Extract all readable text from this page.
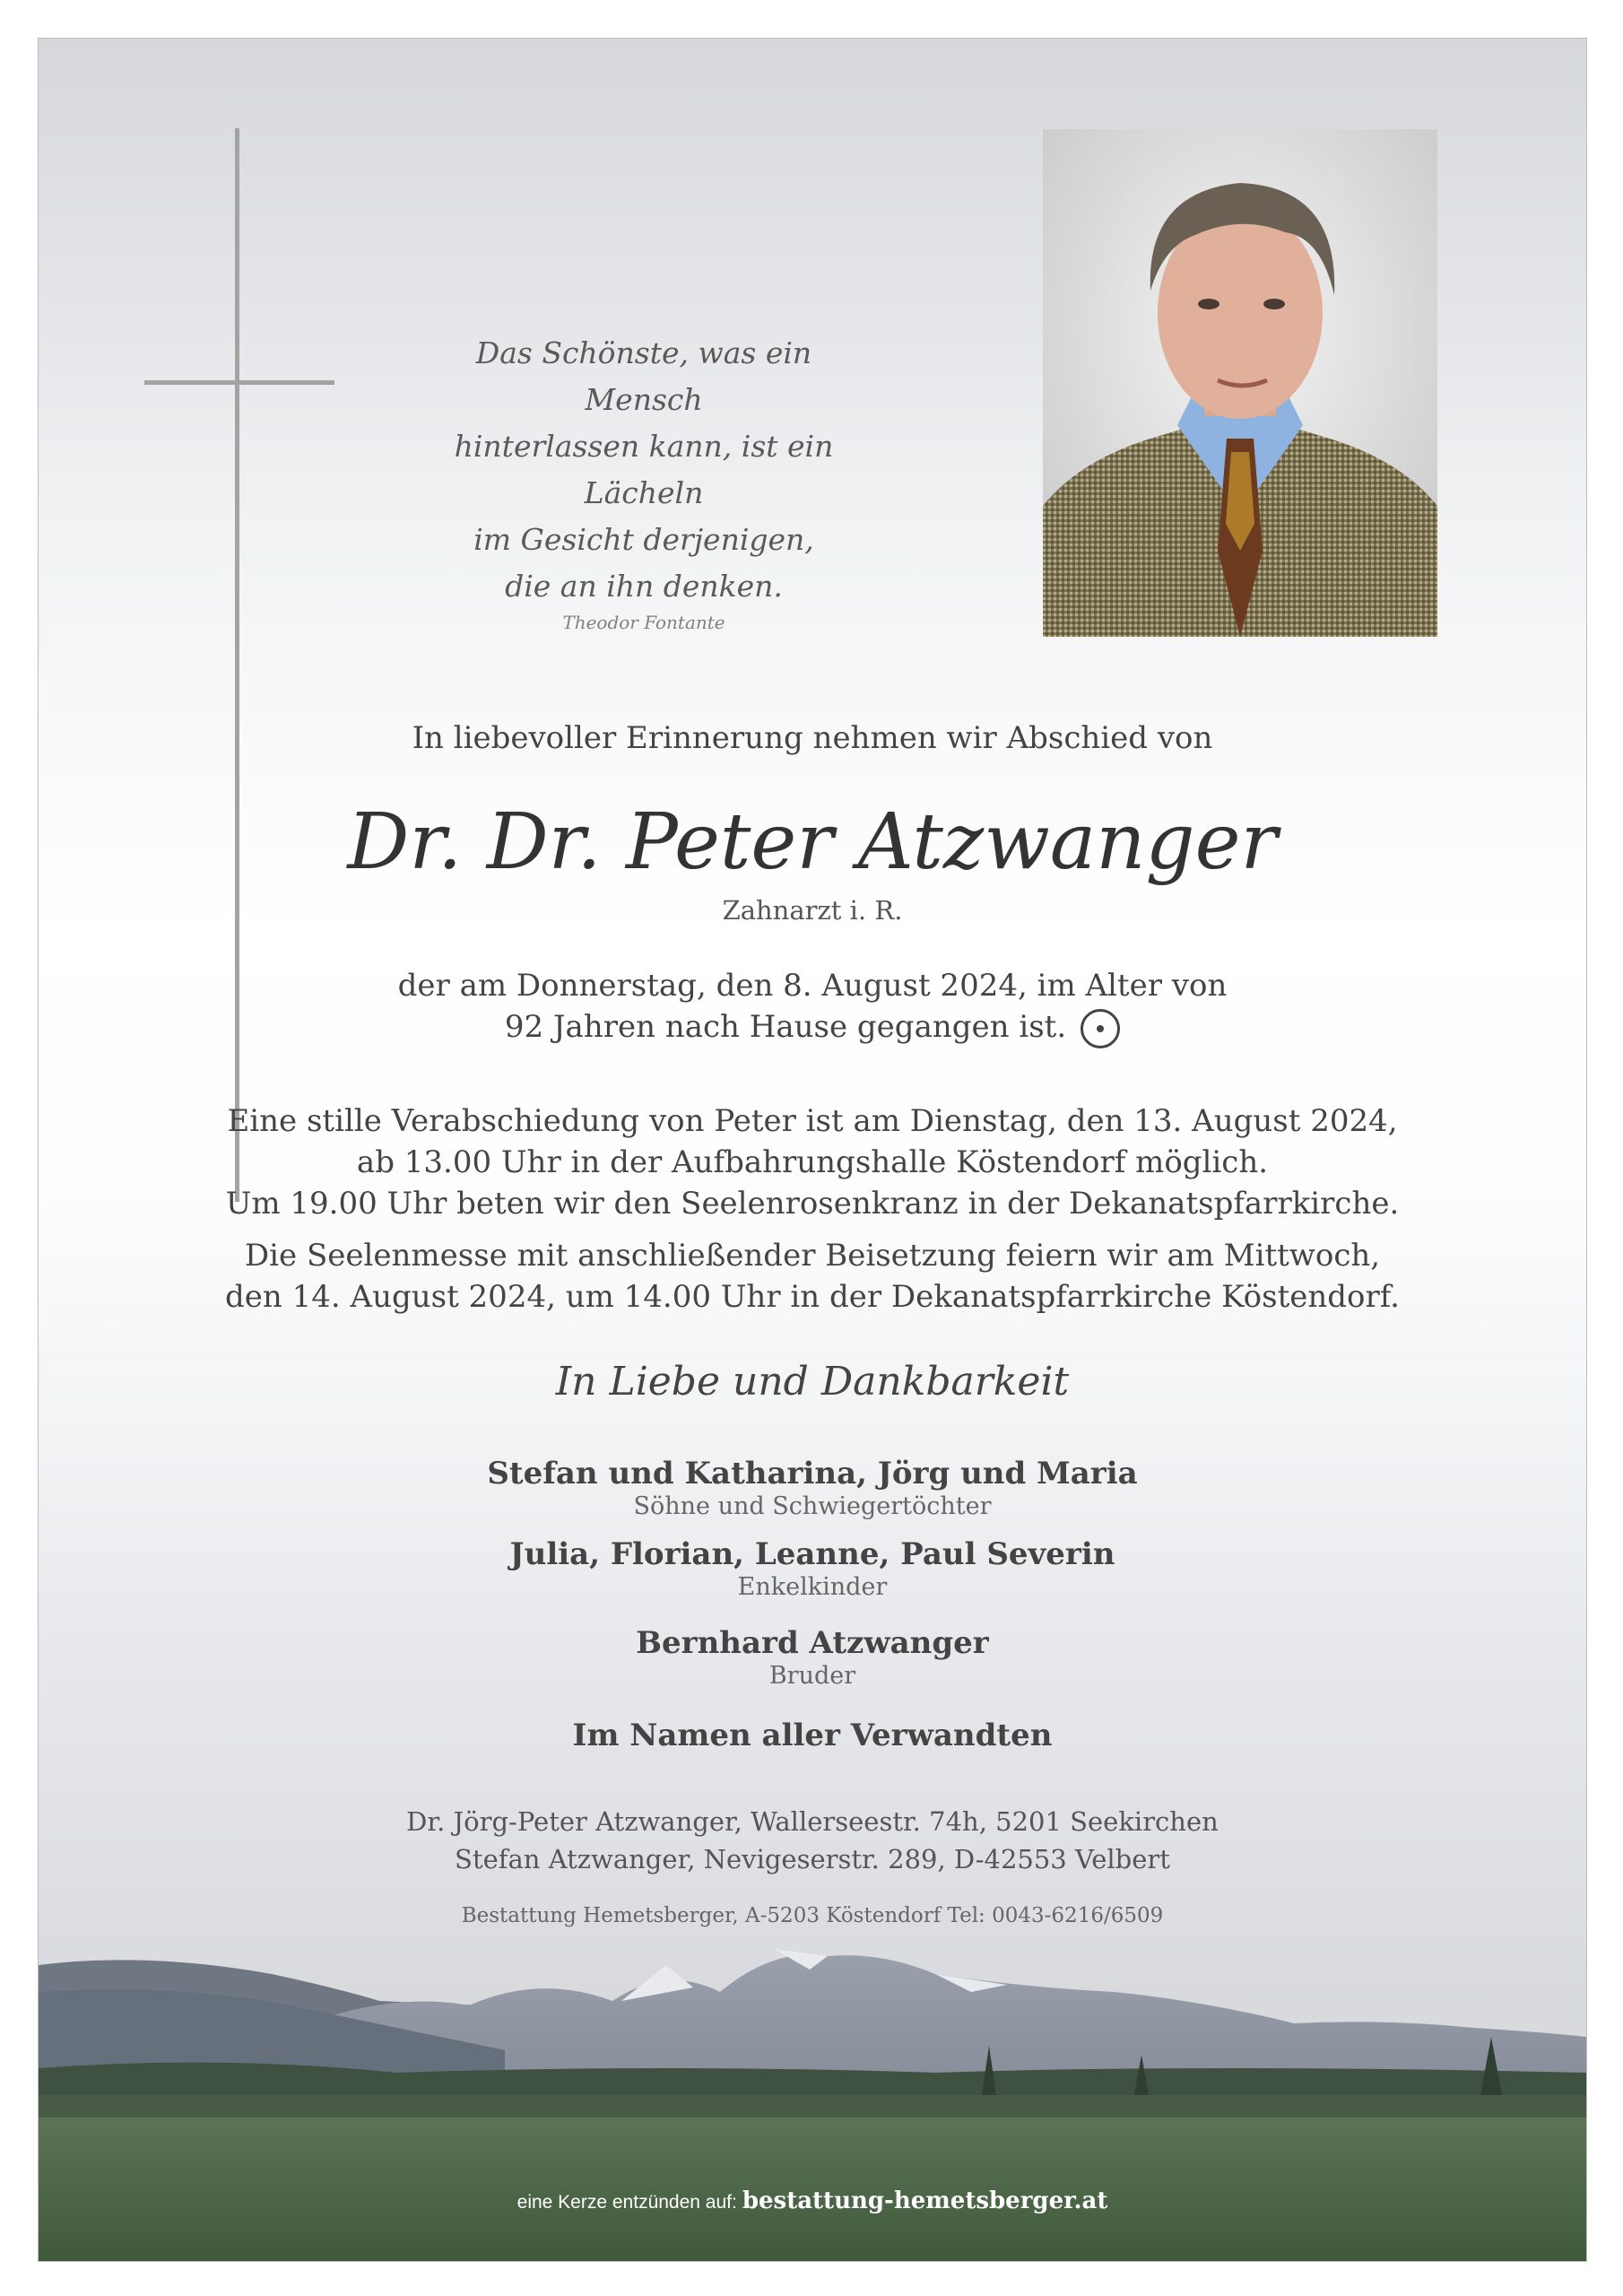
Das Schönste, was ein Mensch
hinterlassen kann, ist ein Lächeln
im Gesicht derjenigen,
die an ihn denken.
Theodor Fontante
In liebevoller Erinnerung nehmen wir Abschied von
Dr. Dr. Peter Atzwanger
Zahnarzt i. R.
der am Donnerstag, den 8. August 2024, im Alter von
92 Jahren nach Hause gegangen ist.
Eine stille Verabschiedung von Peter ist am Dienstag, den 13. August 2024,
ab 13.00 Uhr in der Aufbahrungshalle Köstendorf möglich.
Um 19.00 Uhr beten wir den Seelenrosenkranz in der Dekanatspfarrkirche.
Die Seelenmesse mit anschließender Beisetzung feiern wir am Mittwoch,
den 14. August 2024, um 14.00 Uhr in der Dekanatspfarrkirche Köstendorf.
In Liebe und Dankbarkeit
Stefan und Katharina, Jörg und Maria
Söhne und Schwiegertöchter
Julia, Florian, Leanne, Paul Severin
Enkelkinder
Bernhard Atzwanger
Bruder
Im Namen aller Verwandten
Dr. Jörg-Peter Atzwanger, Wallerseestr. 74h, 5201 Seekirchen
Stefan Atzwanger, Nevigeserstr. 289, D-42553 Velbert
Bestattung Hemetsberger, A-5203 Köstendorf Tel: 0043-6216/6509
eine Kerze entzünden auf: bestattung-hemetsberger.at
